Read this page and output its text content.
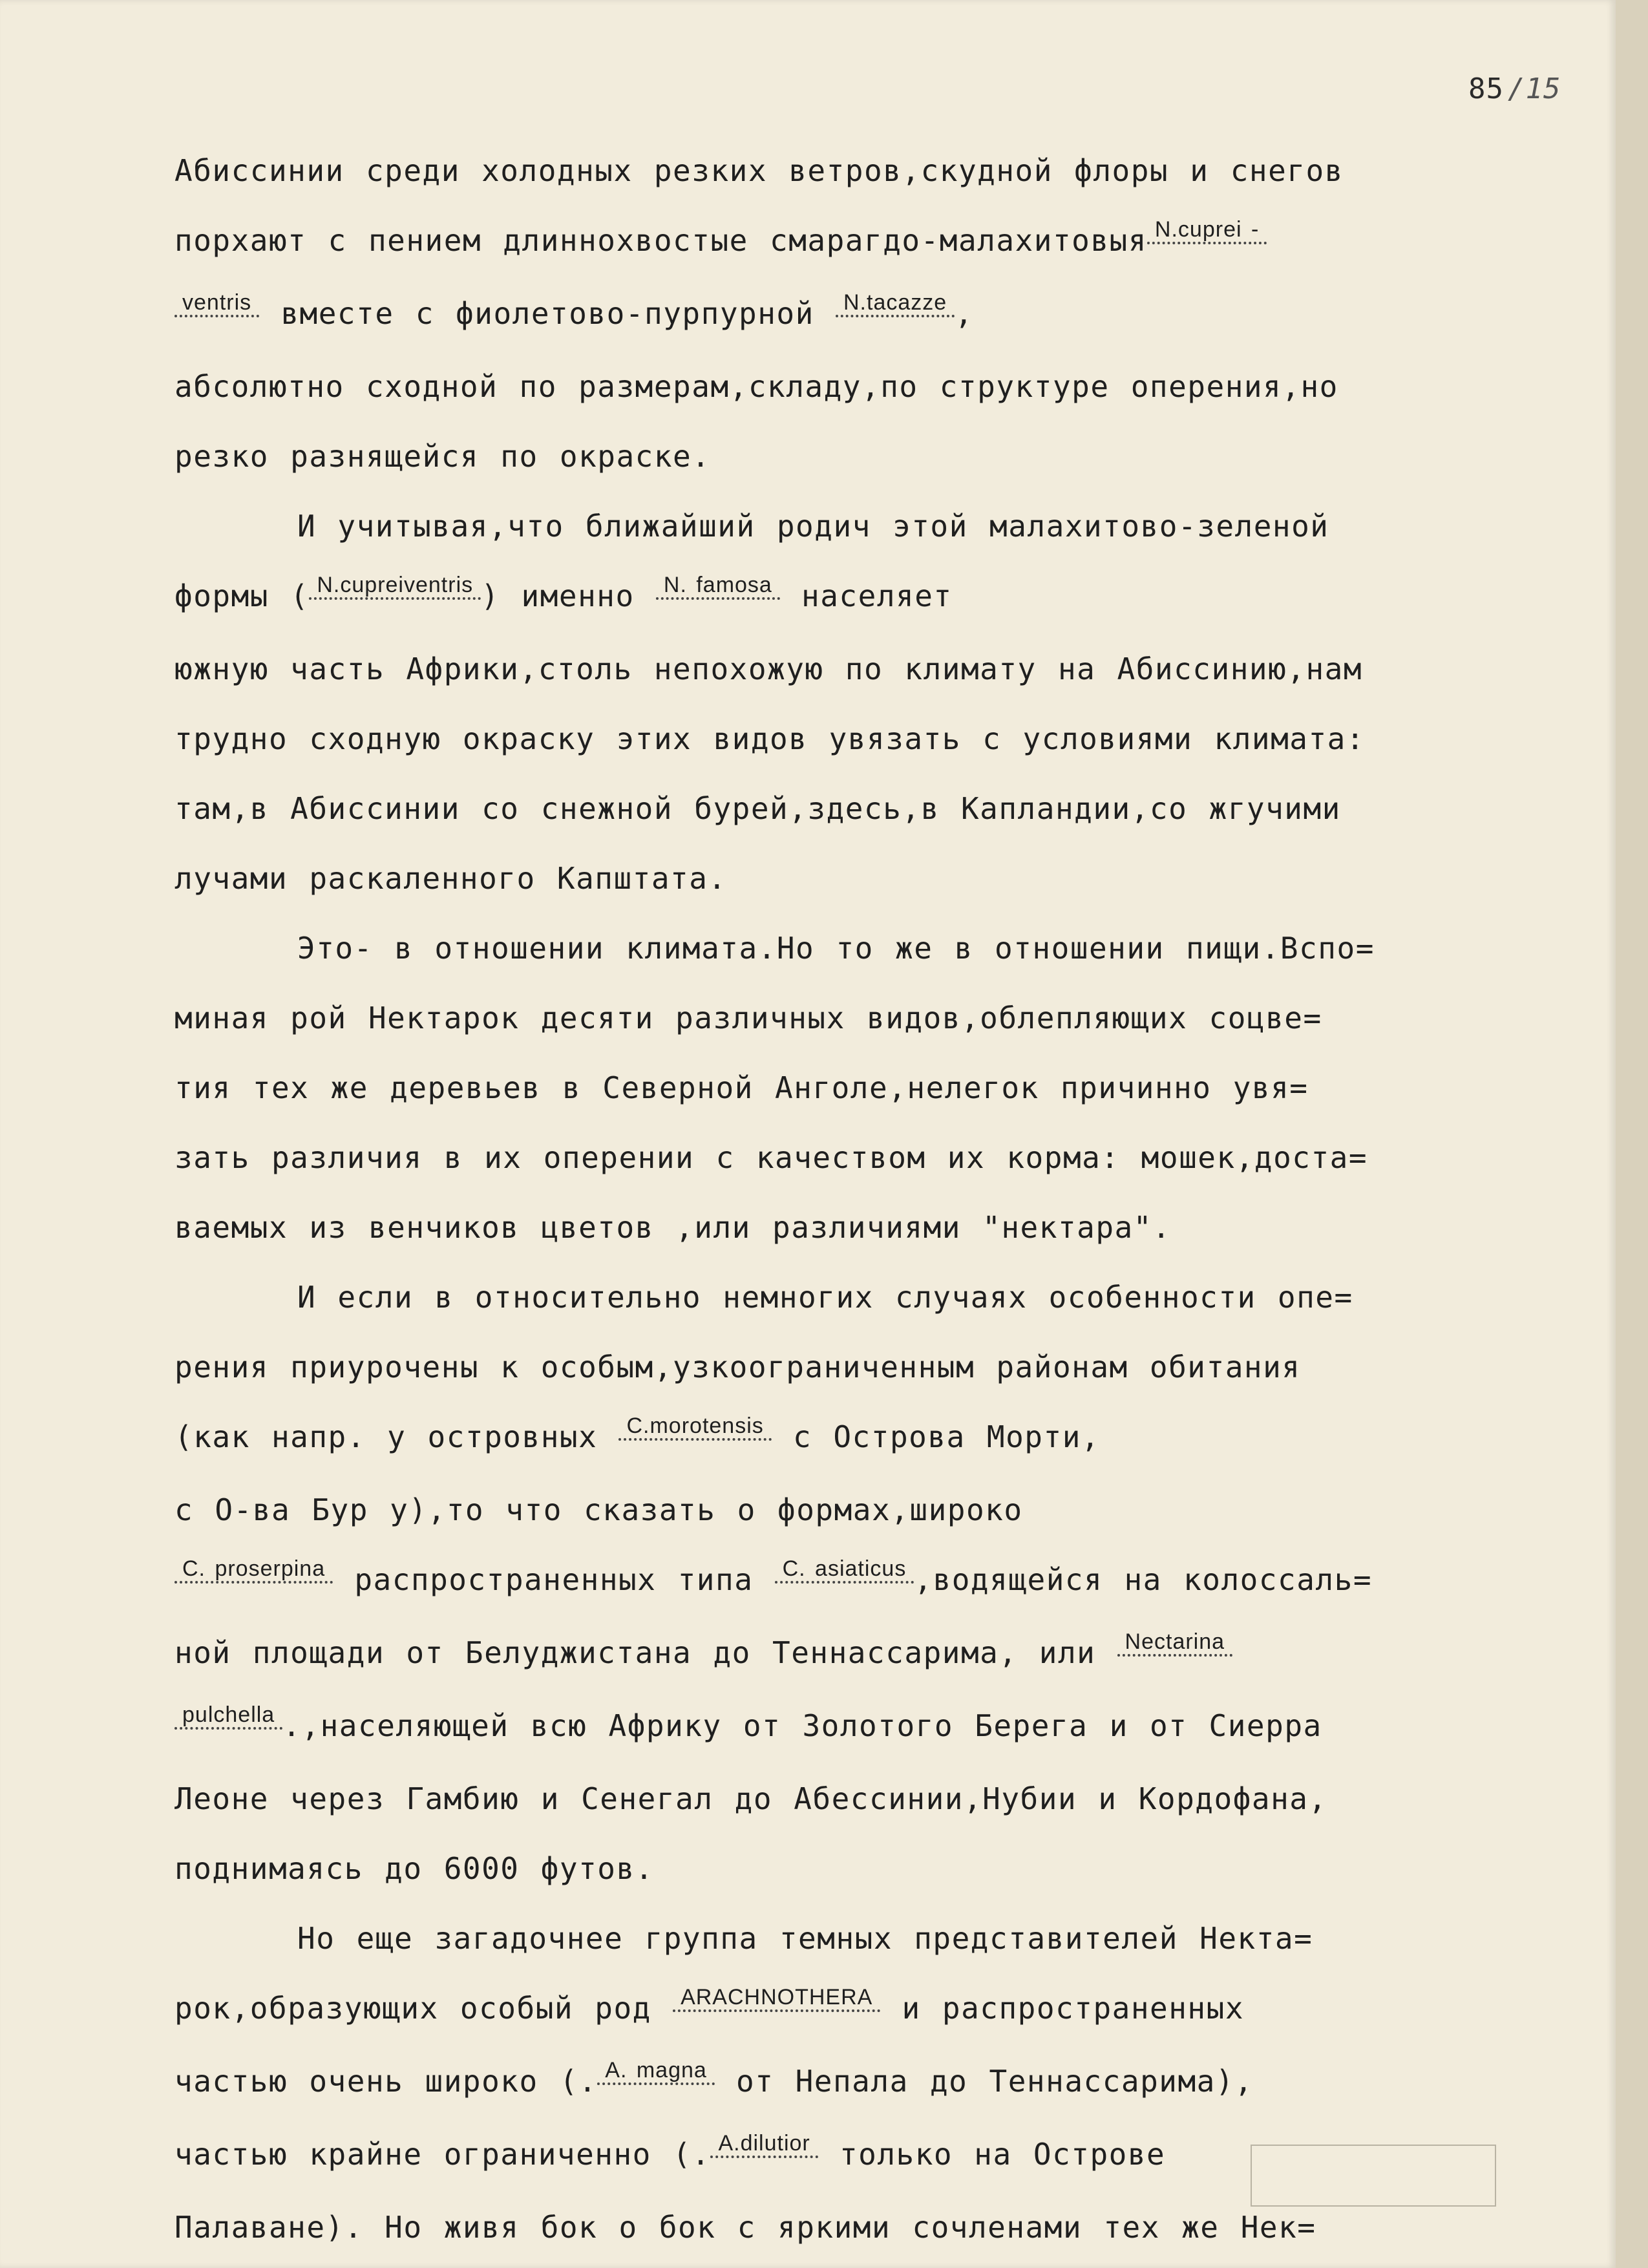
85 /15

Абиссинии среди холодных резких ветров,скудной флоры и снегов

порхают с пением длиннохвостые смарагдо-малахитовыя $^{N.cuprei -}$

$^{ventris}$ вместе с фиолетово-пурпурной $^{N.tacazze}$ ,

абсолютно сходной по размерам,складу,по структуре оперения,но

резко разнящейся по окраске.

И учитывая,что ближайший родич этой малахитово-зеленой

формы ( $^{N.cupreiventris}$ ) именно $^{N. famosa}$ населяет

южную часть Африки,столь непохожую по климату на Абиссинию,нам

трудно сходную окраску этих видов увязать с условиями климата:

там,в Абиссинии со снежной бурей,здесь,в Капландии,со жгучими

лучами раскаленного Капштата.

Это- в отношении климата.Но то же в отношении пищи.Вспо=

миная рой Нектарок десяти различных видов,облепляющих соцве=

тия тех же деревьев в Северной Анголе,нелегок причинно увя=

зать различия в их оперении с качеством их корма: мошек,доста=

ваемых из венчиков цветов ,или различиями "нектара".

И если в относительно немногих случаях особенности опе=

рения приурочены к особым,узкоограниченным районам обитания

(как напр. у островных $^{C.morotensis}$ с Острова Морти,

с О-ва Бур у),то что сказать о формах,широко

$^{C. proserpina}$ распространенных типа $^{C. asiaticus}$ ,водящейся на колоссаль=

ной площади от Белуджистана до Теннассарима, или $^{Nectarina}$

$^{pulchella}$ .,населяющей всю Африку от Золотого Берега и от Сиерра

Леоне через Гамбию и Сенегал до Абессинии,Нубии и Кордофана,

поднимаясь до 6000 футов.

Но еще загадочнее группа темных представителей Некта=

рок,образующих особый род $^{ARACHNOTHERA}$ и распространенных

частью очень широко (. $^{A. magna}$ от Непала до Теннассарима),

частью крайне ограниченно (. $^{A.dilutior}$ только на Острове

Палаване). Но живя бок о бок с яркими сочленами тех же Нек=
